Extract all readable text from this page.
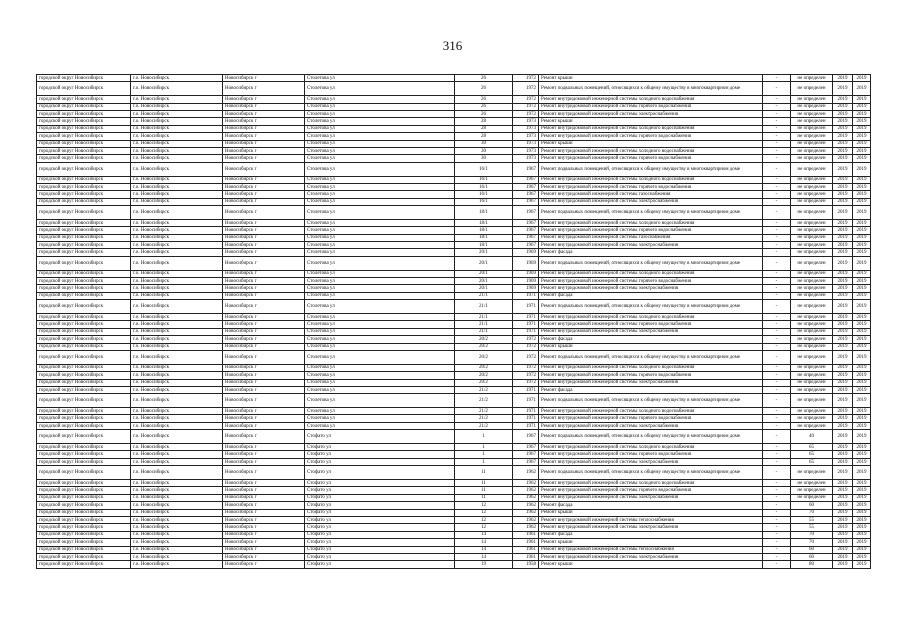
316
городской округ Новосибирск	г.о. Новосибирск	Новосибирск г	Столетова ул	26	1972	Ремонт крыши	-	не определен	2019	2019
городской округ Новосибирск	г.о. Новосибирск	Новосибирск г	Столетова ул	26	1972	Ремонт подвальных помещений, относящихся к общему имуществу в многоквартирном доме	-	не определен	2019	2019
городской округ Новосибирск	г.о. Новосибирск	Новосибирск г	Столетова ул	26	1972	Ремонт внутридомовой инженерной системы холодного водоснабжения	-	не определен	2019	2019
городской округ Новосибирск	г.о. Новосибирск	Новосибирск г	Столетова ул	26	1972	Ремонт внутридомовой инженерной системы горячего водоснабжения	-	не определен	2019	2019
городской округ Новосибирск	г.о. Новосибирск	Новосибирск г	Столетова ул	26	1972	Ремонт внутридомовой инженерной системы электроснабжения	-	не определен	2019	2019
городской округ Новосибирск	г.о. Новосибирск	Новосибирск г	Столетова ул	28	1973	Ремонт крыши	-	не определен	2019	2019
городской округ Новосибирск	г.о. Новосибирск	Новосибирск г	Столетова ул	28	1973	Ремонт внутридомовой инженерной системы холодного водоснабжения	-	не определен	2019	2019
городской округ Новосибирск	г.о. Новосибирск	Новосибирск г	Столетова ул	28	1973	Ремонт внутридомовой инженерной системы горячего водоснабжения	-	не определен	2019	2019
городской округ Новосибирск	г.о. Новосибирск	Новосибирск г	Столетова ул	30	1973	Ремонт крыши	-	не определен	2019	2019
городской округ Новосибирск	г.о. Новосибирск	Новосибирск г	Столетова ул	30	1973	Ремонт внутридомовой инженерной системы холодного водоснабжения	-	не определен	2019	2019
городской округ Новосибирск	г.о. Новосибирск	Новосибирск г	Столетова ул	30	1973	Ремонт внутридомовой инженерной системы горячего водоснабжения	-	не определен	2019	2019
городской округ Новосибирск	г.о. Новосибирск	Новосибирск г	Столетова ул	16/1	1967	Ремонт подвальных помещений, относящихся к общему имуществу в многоквартирном доме	-	не определен	2019	2019
городской округ Новосибирск	г.о. Новосибирск	Новосибирск г	Столетова ул	16/1	1967	Ремонт внутридомовой инженерной системы холодного водоснабжения	-	не определен	2019	2019
городской округ Новосибирск	г.о. Новосибирск	Новосибирск г	Столетова ул	16/1	1967	Ремонт внутридомовой инженерной системы горячего водоснабжения	-	не определен	2019	2019
городской округ Новосибирск	г.о. Новосибирск	Новосибирск г	Столетова ул	16/1	1967	Ремонт внутридомовой инженерной системы газоснабжения	-	не определен	2019	2019
городской округ Новосибирск	г.о. Новосибирск	Новосибирск г	Столетова ул	16/1	1967	Ремонт внутридомовой инженерной системы электроснабжения	-	не определен	2019	2019
городской округ Новосибирск	г.о. Новосибирск	Новосибирск г	Столетова ул	18/1	1967	Ремонт подвальных помещений, относящихся к общему имуществу в многоквартирном доме	-	не определен	2019	2019
городской округ Новосибирск	г.о. Новосибирск	Новосибирск г	Столетова ул	18/1	1967	Ремонт внутридомовой инженерной системы холодного водоснабжения	-	не определен	2019	2019
городской округ Новосибирск	г.о. Новосибирск	Новосибирск г	Столетова ул	18/1	1967	Ремонт внутридомовой инженерной системы горячего водоснабжения	-	не определен	2019	2019
городской округ Новосибирск	г.о. Новосибирск	Новосибирск г	Столетова ул	18/1	1967	Ремонт внутридомовой инженерной системы газоснабжения	-	не определен	2019	2019
городской округ Новосибирск	г.о. Новосибирск	Новосибирск г	Столетова ул	18/1	1967	Ремонт внутридомовой инженерной системы электроснабжения	-	не определен	2019	2019
городской округ Новосибирск	г.о. Новосибирск	Новосибирск г	Столетова ул	20/1	1969	Ремонт фасада	-	не определен	2019	2019
городской округ Новосибирск	г.о. Новосибирск	Новосибирск г	Столетова ул	20/1	1969	Ремонт подвальных помещений, относящихся к общему имуществу в многоквартирном доме	-	не определен	2019	2019
городской округ Новосибирск	г.о. Новосибирск	Новосибирск г	Столетова ул	20/1	1969	Ремонт внутридомовой инженерной системы холодного водоснабжения	-	не определен	2019	2019
городской округ Новосибирск	г.о. Новосибирск	Новосибирск г	Столетова ул	20/1	1969	Ремонт внутридомовой инженерной системы горячего водоснабжения	-	не определен	2019	2019
городской округ Новосибирск	г.о. Новосибирск	Новосибирск г	Столетова ул	20/1	1969	Ремонт внутридомовой инженерной системы электроснабжения	-	не определен	2019	2019
городской округ Новосибирск	г.о. Новосибирск	Новосибирск г	Столетова ул	21/1	1971	Ремонт фасада	-	не определен	2019	2019
городской округ Новосибирск	г.о. Новосибирск	Новосибирск г	Столетова ул	21/1	1971	Ремонт подвальных помещений, относящихся к общему имуществу в многоквартирном доме	-	не определен	2019	2019
городской округ Новосибирск	г.о. Новосибирск	Новосибирск г	Столетова ул	21/1	1971	Ремонт внутридомовой инженерной системы холодного водоснабжения	-	не определен	2019	2019
городской округ Новосибирск	г.о. Новосибирск	Новосибирск г	Столетова ул	21/1	1971	Ремонт внутридомовой инженерной системы горячего водоснабжения	-	не определен	2019	2019
городской округ Новосибирск	г.о. Новосибирск	Новосибирск г	Столетова ул	21/1	1971	Ремонт внутридомовой инженерной системы электроснабжения	-	не определен	2019	2019
городской округ Новосибирск	г.о. Новосибирск	Новосибирск г	Столетова ул	20/2	1972	Ремонт фасада	-	не определен	2019	2019
городской округ Новосибирск	г.о. Новосибирск	Новосибирск г	Столетова ул	20/2	1972	Ремонт крыши	-	не определен	2019	2019
городской округ Новосибирск	г.о. Новосибирск	Новосибирск г	Столетова ул	20/2	1972	Ремонт подвальных помещений, относящихся к общему имуществу в многоквартирном доме	-	не определен	2019	2019
городской округ Новосибирск	г.о. Новосибирск	Новосибирск г	Столетова ул	20/2	1972	Ремонт внутридомовой инженерной системы холодного водоснабжения	-	не определен	2019	2019
городской округ Новосибирск	г.о. Новосибирск	Новосибирск г	Столетова ул	20/2	1972	Ремонт внутридомовой инженерной системы горячего водоснабжения	-	не определен	2019	2019
городской округ Новосибирск	г.о. Новосибирск	Новосибирск г	Столетова ул	20/2	1972	Ремонт внутридомовой инженерной системы электроснабжения	-	не определен	2019	2019
городской округ Новосибирск	г.о. Новосибирск	Новосибирск г	Столетова ул	21/2	1971	Ремонт фасада	-	не определен	2019	2019
городской округ Новосибирск	г.о. Новосибирск	Новосибирск г	Столетова ул	21/2	1971	Ремонт подвальных помещений, относящихся к общему имуществу в многоквартирном доме	-	не определен	2019	2019
городской округ Новосибирск	г.о. Новосибирск	Новосибирск г	Столетова ул	21/2	1971	Ремонт внутридомовой инженерной системы холодного водоснабжения	-	не определен	2019	2019
городской округ Новосибирск	г.о. Новосибирск	Новосибирск г	Столетова ул	21/2	1971	Ремонт внутридомовой инженерной системы горячего водоснабжения	-	не определен	2019	2019
городской округ Новосибирск	г.о. Новосибирск	Новосибирск г	Столетова ул	21/2	1971	Ремонт внутридомовой инженерной системы электроснабжения	-	не определен	2019	2019
городской округ Новосибирск	г.о. Новосибирск	Новосибирск г	Стофато ул	1	1967	Ремонт подвальных помещений, относящихся к общему имуществу в многоквартирном доме	-	40	2019	2019
городской округ Новосибирск	г.о. Новосибирск	Новосибирск г	Стофато ул	1	1967	Ремонт внутридомовой инженерной системы холодного водоснабжения	-	65	2019	2019
городской округ Новосибирск	г.о. Новосибирск	Новосибирск г	Стофато ул	1	1967	Ремонт внутридомовой инженерной системы горячего водоснабжения	-	65	2019	2019
городской округ Новосибирск	г.о. Новосибирск	Новосибирск г	Стофато ул	1	1967	Ремонт внутридомовой инженерной системы электроснабжения	-	65	2019	2019
городской округ Новосибирск	г.о. Новосибирск	Новосибирск г	Стофато ул	11	1962	Ремонт подвальных помещений, относящихся к общему имуществу в многоквартирном доме	-	не определен	2019	2019
городской округ Новосибирск	г.о. Новосибирск	Новосибирск г	Стофато ул	11	1962	Ремонт внутридомовой инженерной системы холодного водоснабжения	-	не определен	2019	2019
городской округ Новосибирск	г.о. Новосибирск	Новосибирск г	Стофато ул	11	1962	Ремонт внутридомовой инженерной системы горячего водоснабжения	-	не определен	2019	2019
городской округ Новосибирск	г.о. Новосибирск	Новосибирск г	Стофато ул	11	1962	Ремонт внутридомовой инженерной системы электроснабжения	-	не определен	2019	2019
городской округ Новосибирск	г.о. Новосибирск	Новосибирск г	Стофато ул	12	1962	Ремонт фасада	-	60	2019	2019
городской округ Новосибирск	г.о. Новосибирск	Новосибирск г	Стофато ул	12	1962	Ремонт крыши	-	70	2019	2019
городской округ Новосибирск	г.о. Новосибирск	Новосибирск г	Стофато ул	12	1962	Ремонт внутридомовой инженерной системы теплоснабжения	-	55	2019	2019
городской округ Новосибирск	г.о. Новосибирск	Новосибирск г	Стофато ул	12	1962	Ремонт внутридомовой инженерной системы электроснабжения	-	55	2019	2019
городской округ Новосибирск	г.о. Новосибирск	Новосибирск г	Стофато ул	14	1961	Ремонт фасада	-	70	2019	2019
городской округ Новосибирск	г.о. Новосибирск	Новосибирск г	Стофато ул	14	1961	Ремонт крыши	-	70	2019	2019
городской округ Новосибирск	г.о. Новосибирск	Новосибирск г	Стофато ул	14	1961	Ремонт внутридомовой инженерной системы теплоснабжения	-	60	2019	2019
городской округ Новосибирск	г.о. Новосибирск	Новосибирск г	Стофато ул	14	1961	Ремонт внутридомовой инженерной системы электроснабжения	-	60	2019	2019
городской округ Новосибирск	г.о. Новосибирск	Новосибирск г	Стофато ул	19	1958	Ремонт крыши	-	80	2019	2019
